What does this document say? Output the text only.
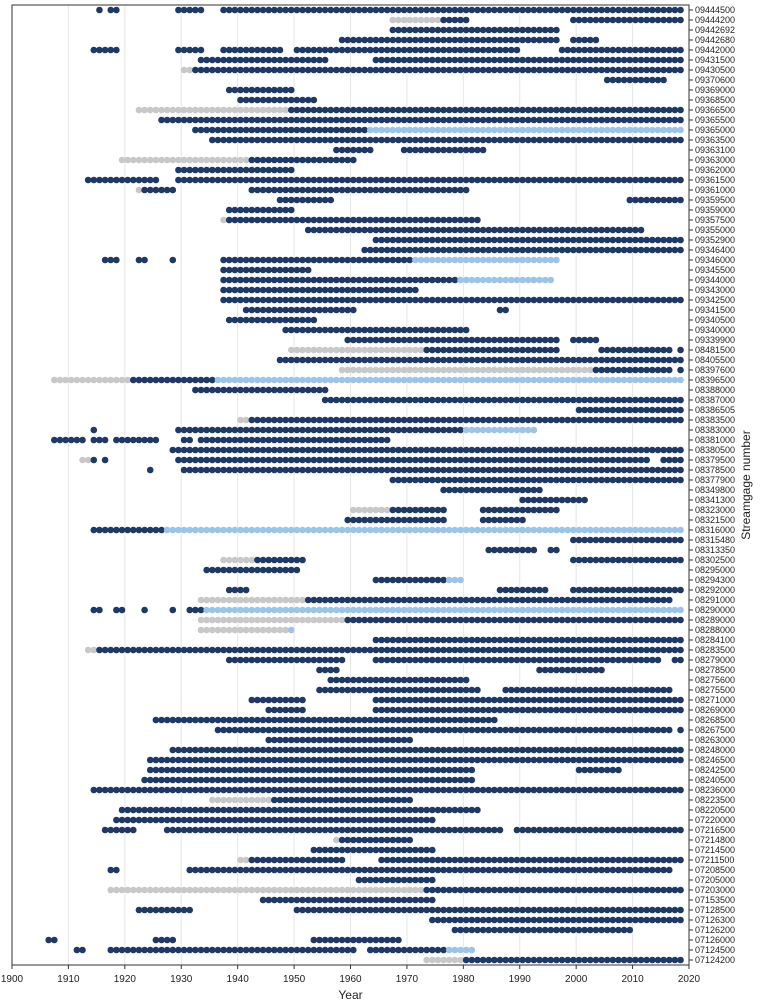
1900	1910	1920	1930	1940	1950	1960	1970	1980	1990	2000	2010	2020
09444500
09444200
09442692
09442680
09442000
09431500
09430500
09370600
09369000
09368500
09366500
09365500
09365000
09363500
09363100
09363000
09362000
09361500
09361000
09359500
09359000
09357500
09355000
09352900
09346400
09346000
09345500
09344000
09343000
09342500
09341500
09340500
09340000
09339900
08481500
08405500
08397600
08396500
08388000
08387000
08386505
08383500
08383000
08381000
08380500
08379500
08378500
08377900
08349800
08341300
08323000
08321500
08316000
08315480
08313350
08302500
08295000
08294300
08292000
08291000
08290000
08289000
08288000
08284100
08283500
08279000
08278500
08275600
08275500
08271000
08269000
08268500
08267500
08263000
08248000
08246500
08242500
08240500
08236000
08223500
08220500
07220000
07216500
07214800
07214500
07211500
07208500
07205000
07203000
07153500
07128500
07126300
07126200
07126000
07124500
07124200
Year
Streamgage number
